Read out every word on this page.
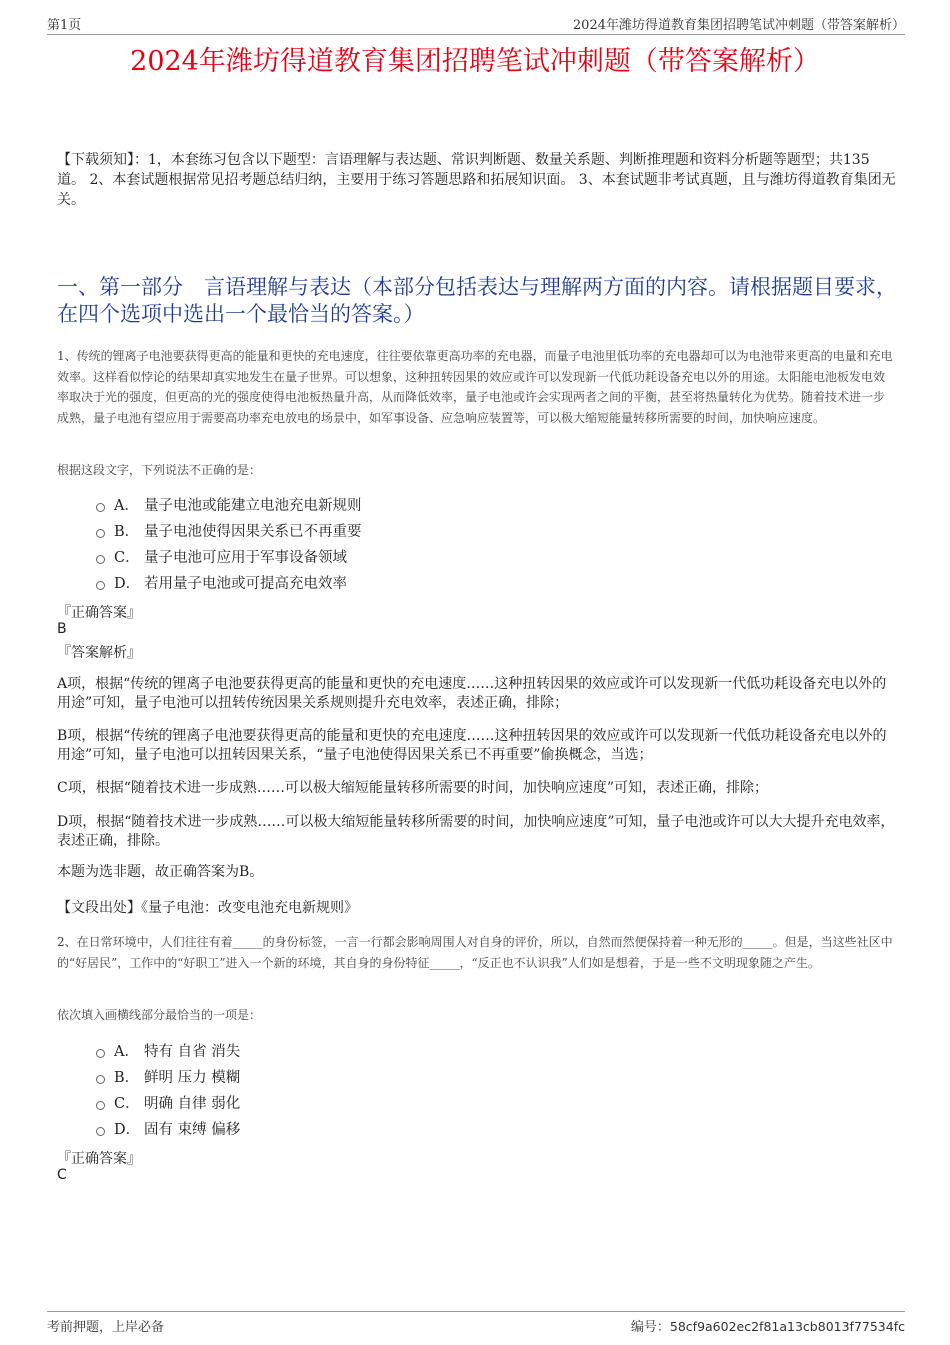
第1页	2024年潍坊得道教育集团招聘笔试冲刺题（带答案解析）
2024年潍坊得道教育集团招聘笔试冲刺题（带答案解析）
【下载须知】：1，本套练习包含以下题型：言语理解与表达题、常识判断题、数量关系题、判断推理题和资料分析题等题型；共135道。 2、本套试题根据常见招考题总结归纳，主要用于练习答题思路和拓展知识面。 3、本套试题非考试真题，且与潍坊得道教育集团无关。
一、第一部分　言语理解与表达（本部分包括表达与理解两方面的内容。请根据题目要求，在四个选项中选出一个最恰当的答案。）
1、传统的锂离子电池要获得更高的能量和更快的充电速度，往往要依靠更高功率的充电器，而量子电池里低功率的充电器却可以为电池带来更高的电量和充电效率。这样看似悖论的结果却真实地发生在量子世界。可以想象，这种扭转因果的效应或许可以发现新一代低功耗设备充电以外的用途。太阳能电池板发电效率取决于光的强度，但更高的光的强度使得电池板热量升高，从而降低效率，量子电池或许会实现两者之间的平衡，甚至将热量转化为优势。随着技术进一步成熟，量子电池有望应用于需要高功率充电放电的场景中，如军事设备、应急响应装置等，可以极大缩短能量转移所需要的时间，加快响应速度。
根据这段文字，下列说法不正确的是：
A． 量子电池或能建立电池充电新规则
B． 量子电池使得因果关系已不再重要
C． 量子电池可应用于军事设备领域
D． 若用量子电池或可提高充电效率
『正确答案』
B
『答案解析』
A项，根据“传统的锂离子电池要获得更高的能量和更快的充电速度……这种扭转因果的效应或许可以发现新一代低功耗设备充电以外的用途”可知，量子电池可以扭转传统因果关系规则提升充电效率，表述正确，排除；
B项，根据“传统的锂离子电池要获得更高的能量和更快的充电速度……这种扭转因果的效应或许可以发现新一代低功耗设备充电以外的用途”可知，量子电池可以扭转因果关系，“量子电池使得因果关系已不再重要”偷换概念，当选；
C项，根据“随着技术进一步成熟……可以极大缩短能量转移所需要的时间，加快响应速度”可知，表述正确，排除；
D项，根据“随着技术进一步成熟……可以极大缩短能量转移所需要的时间，加快响应速度”可知，量子电池或许可以大大提升充电效率，表述正确，排除。
本题为选非题，故正确答案为B。
【文段出处】《量子电池：改变电池充电新规则》
2、在日常环境中，人们往往有着_____的身份标签，一言一行都会影响周围人对自身的评价，所以，自然而然便保持着一种无形的_____。但是，当这些社区中的“好居民”，工作中的“好职工”进入一个新的环境，其自身的身份特征_____，“反正也不认识我”人们如是想着，于是一些不文明现象随之产生。
依次填入画横线部分最恰当的一项是：
A． 特有 自省 消失
B． 鲜明 压力 模糊
C． 明确 自律 弱化
D． 固有 束缚 偏移
『正确答案』
C
考前押题，上岸必备	编号：58cf9a602ec2f81a13cb8013f77534fc
